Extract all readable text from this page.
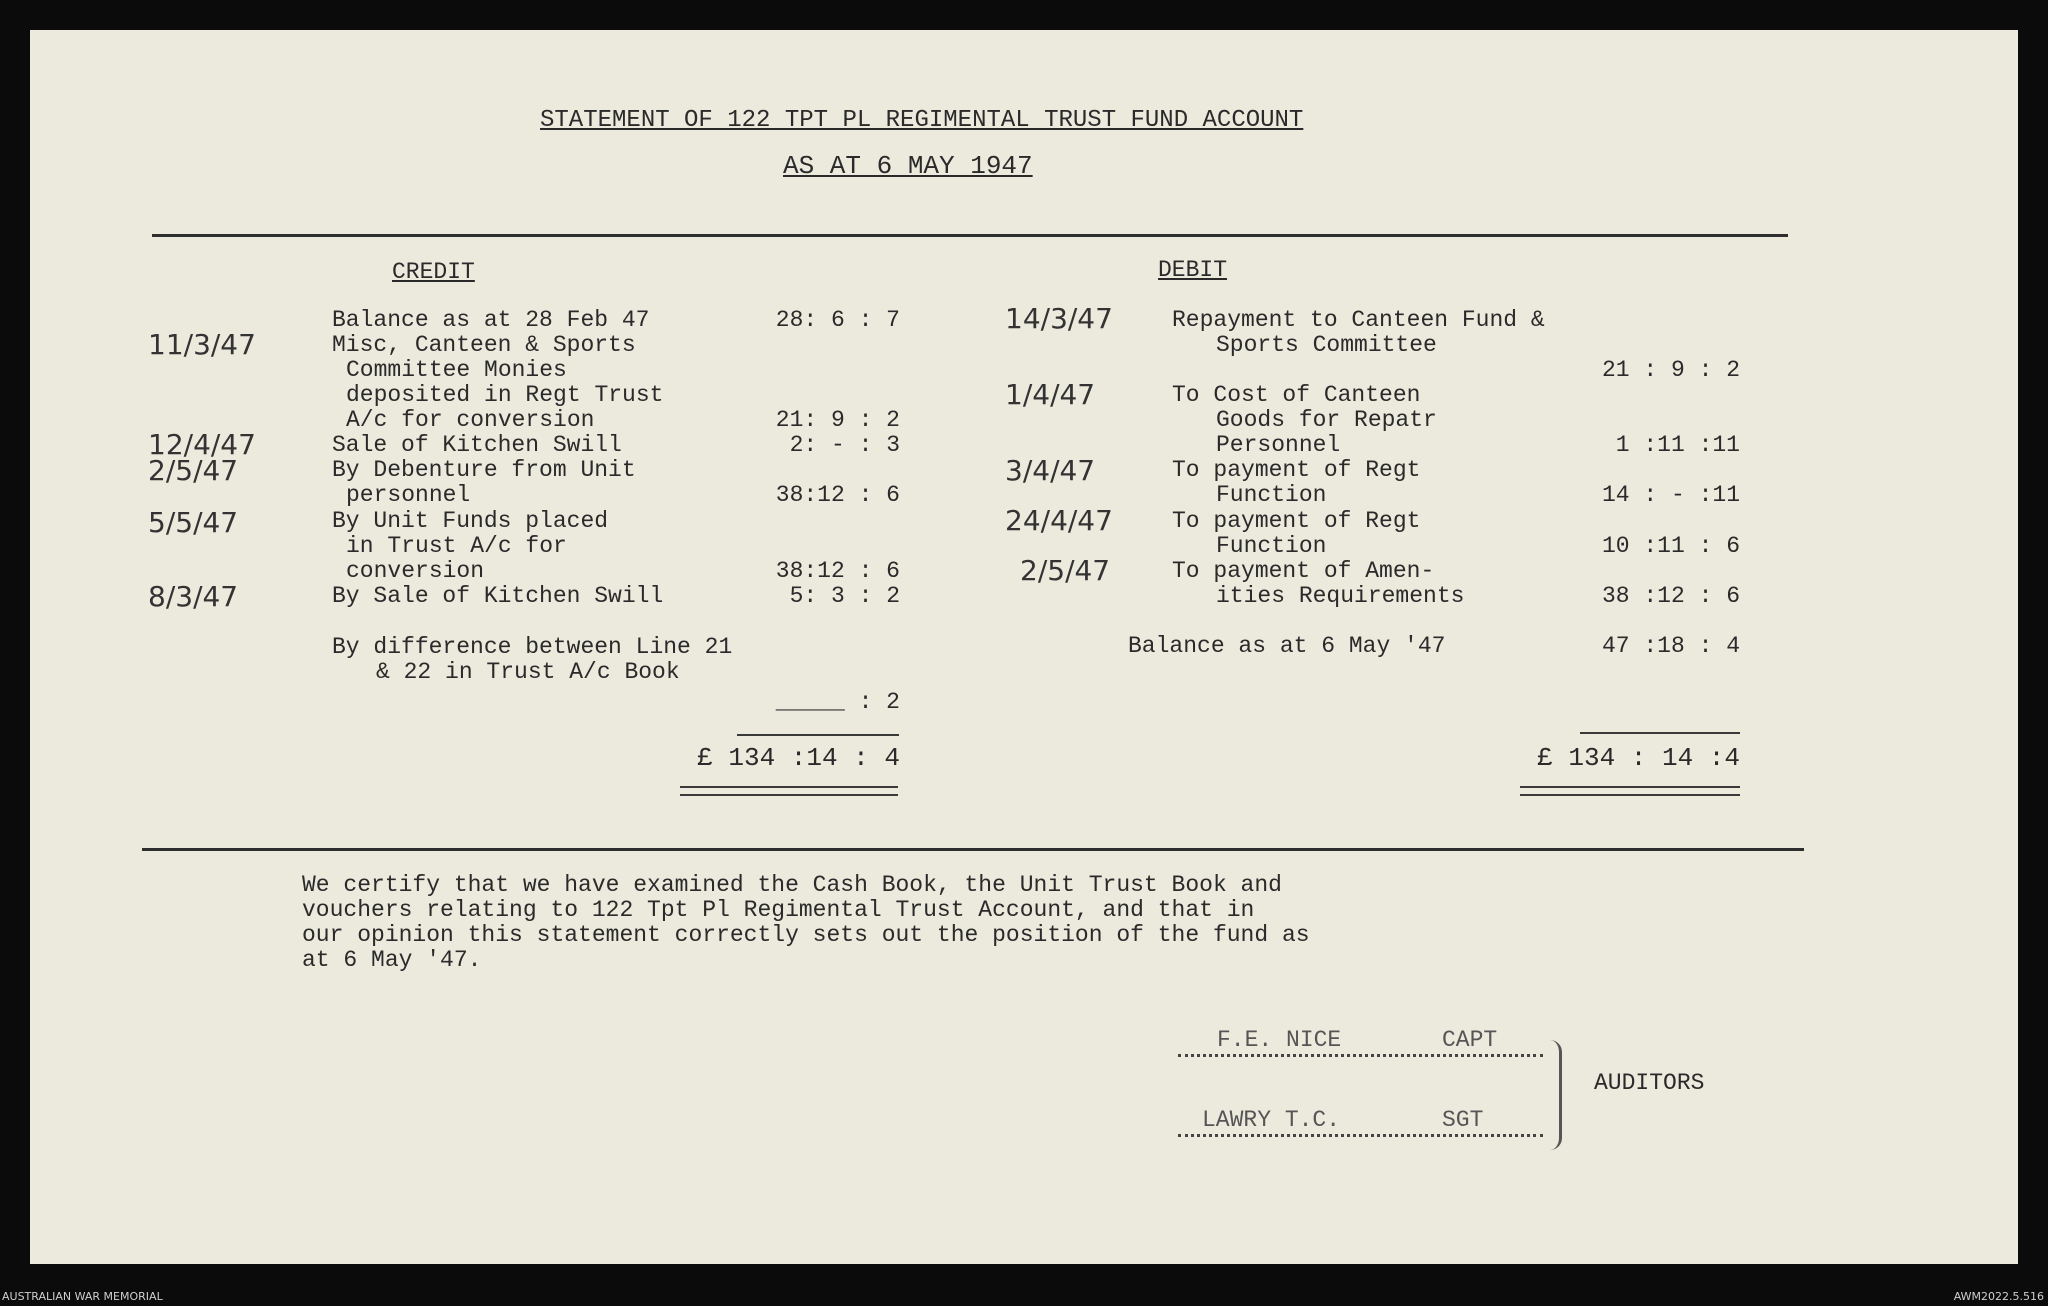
STATEMENT OF 122 TPT PL REGIMENTAL TRUST FUND ACCOUNT
AS AT 6 MAY 1947
CREDIT
Balance as at 28 Feb 47	28: 6 : 7
11/3/47	Misc, Canteen & Sports
Committee Monies
deposited in Regt Trust
A/c for conversion	21: 9 : 2
12/4/47	Sale of Kitchen Swill	2: - : 3
2/5/47	By Debenture from Unit
personnel	38:12 : 6
5/5/47	By Unit Funds placed
in Trust A/c for
conversion	38:12 : 6
8/3/47	By Sale of Kitchen Swill	5: 3 : 2
By difference between Line 21
& 22 in Trust A/c Book
_____ : 2
£ 134 :14 : 4
DEBIT
14/3/47	Repayment to Canteen Fund &
Sports Committee
21 : 9 : 2
1/4/47	To Cost of Canteen
Goods for Repatr
Personnel	1 :11 :11
3/4/47	To payment of Regt
Function	14 : - :11
24/4/47	To payment of Regt
Function	10 :11 : 6
2/5/47	To payment of Amen-
ities Requirements	38 :12 : 6
Balance as at 6 May '47	47 :18 : 4
£ 134 : 14 :4
We certify that we have examined the Cash Book, the Unit Trust Book and
vouchers relating to 122 Tpt Pl Regimental Trust Account, and that in
our opinion this statement correctly sets out the position of the fund as
at 6 May '47.
F.E. NICE	CAPT
LAWRY T.C.	SGT
AUDITORS
AUSTRALIAN WAR MEMORIAL	AWM2022.5.516
